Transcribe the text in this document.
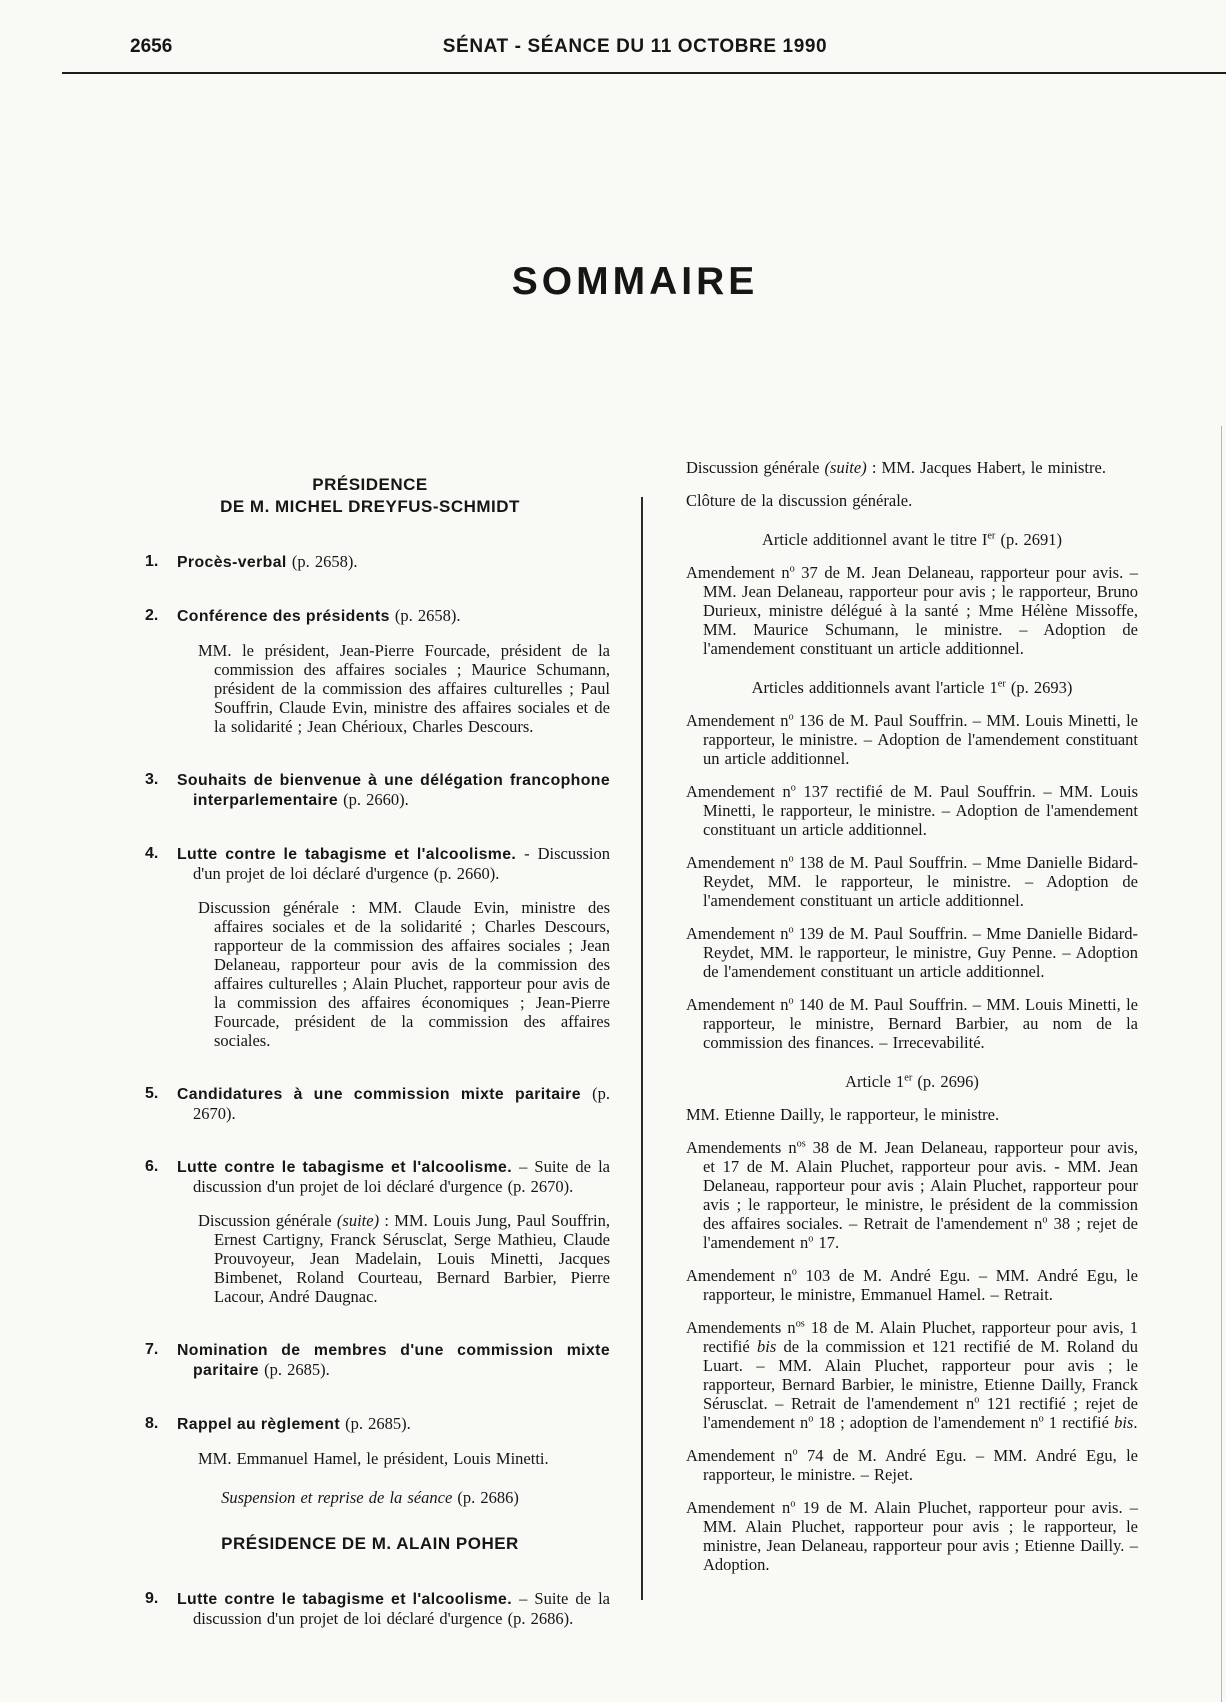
2656	SÉNAT - SÉANCE DU 11 OCTOBRE 1990
SOMMAIRE
PRÉSIDENCE
DE M. MICHEL DREYFUS-SCHMIDT
1. Procès-verbal (p. 2658).
2. Conférence des présidents (p. 2658).
MM. le président, Jean-Pierre Fourcade, président de la commission des affaires sociales ; Maurice Schumann, président de la commission des affaires culturelles ; Paul Souffrin, Claude Evin, ministre des affaires sociales et de la solidarité ; Jean Chérioux, Charles Descours.
3. Souhaits de bienvenue à une délégation francophone interparlementaire (p. 2660).
4. Lutte contre le tabagisme et l'alcoolisme. - Discussion d'un projet de loi déclaré d'urgence (p. 2660).
Discussion générale : MM. Claude Evin, ministre des affaires sociales et de la solidarité ; Charles Descours, rapporteur de la commission des affaires sociales ; Jean Delaneau, rapporteur pour avis de la commission des affaires culturelles ; Alain Pluchet, rapporteur pour avis de la commission des affaires économiques ; Jean-Pierre Fourcade, président de la commission des affaires sociales.
5. Candidatures à une commission mixte paritaire (p. 2670).
6. Lutte contre le tabagisme et l'alcoolisme. – Suite de la discussion d'un projet de loi déclaré d'urgence (p. 2670).
Discussion générale (suite) : MM. Louis Jung, Paul Souffrin, Ernest Cartigny, Franck Sérusclat, Serge Mathieu, Claude Prouvoyeur, Jean Madelain, Louis Minetti, Jacques Bimbenet, Roland Courteau, Bernard Barbier, Pierre Lacour, André Daugnac.
7. Nomination de membres d'une commission mixte paritaire (p. 2685).
8. Rappel au règlement (p. 2685).
MM. Emmanuel Hamel, le président, Louis Minetti.
Suspension et reprise de la séance (p. 2686)
PRÉSIDENCE DE M. ALAIN POHER
9. Lutte contre le tabagisme et l'alcoolisme. – Suite de la discussion d'un projet de loi déclaré d'urgence (p. 2686).
Discussion générale (suite) : MM. Jacques Habert, le ministre.
Clôture de la discussion générale.
Article additionnel avant le titre Ier (p. 2691)
Amendement $n^o$ 37 de M. Jean Delaneau, rapporteur pour avis. – MM. Jean Delaneau, rapporteur pour avis ; le rapporteur, Bruno Durieux, ministre délégué à la santé ; Mme Hélène Missoffe, MM. Maurice Schumann, le ministre. – Adoption de l'amendement constituant un article additionnel.
Articles additionnels avant l'article 1er (p. 2693)
Amendement $n^o$ 136 de M. Paul Souffrin. – MM. Louis Minetti, le rapporteur, le ministre. – Adoption de l'amendement constituant un article additionnel.
Amendement $n^o$ 137 rectifié de M. Paul Souffrin. – MM. Louis Minetti, le rapporteur, le ministre. – Adoption de l'amendement constituant un article additionnel.
Amendement $n^o$ 138 de M. Paul Souffrin. – Mme Danielle Bidard-Reydet, MM. le rapporteur, le ministre. – Adoption de l'amendement constituant un article additionnel.
Amendement $n^o$ 139 de M. Paul Souffrin. – Mme Danielle Bidard-Reydet, MM. le rapporteur, le ministre, Guy Penne. – Adoption de l'amendement constituant un article additionnel.
Amendement $n^o$ 140 de M. Paul Souffrin. – MM. Louis Minetti, le rapporteur, le ministre, Bernard Barbier, au nom de la commission des finances. – Irrecevabilité.
Article 1er (p. 2696)
MM. Etienne Dailly, le rapporteur, le ministre.
Amendements $n^{os}$ 38 de M. Jean Delaneau, rapporteur pour avis, et 17 de M. Alain Pluchet, rapporteur pour avis. - MM. Jean Delaneau, rapporteur pour avis ; Alain Pluchet, rapporteur pour avis ; le rapporteur, le ministre, le président de la commission des affaires sociales. – Retrait de l'amendement $n^o$ 38 ; rejet de l'amendement $n^o$ 17.
Amendement $n^o$ 103 de M. André Egu. – MM. André Egu, le rapporteur, le ministre, Emmanuel Hamel. – Retrait.
Amendements $n^{os}$ 18 de M. Alain Pluchet, rapporteur pour avis, 1 rectifié bis de la commission et 121 rectifié de M. Roland du Luart. – MM. Alain Pluchet, rapporteur pour avis ; le rapporteur, Bernard Barbier, le ministre, Etienne Dailly, Franck Sérusclat. – Retrait de l'amendement $n^o$ 121 rectifié ; rejet de l'amendement $n^o$ 18 ; adoption de l'amendement $n^o$ 1 rectifié bis.
Amendement $n^o$ 74 de M. André Egu. – MM. André Egu, le rapporteur, le ministre. – Rejet.
Amendement $n^o$ 19 de M. Alain Pluchet, rapporteur pour avis. – MM. Alain Pluchet, rapporteur pour avis ; le rapporteur, le ministre, Jean Delaneau, rapporteur pour avis ; Etienne Dailly. – Adoption.
